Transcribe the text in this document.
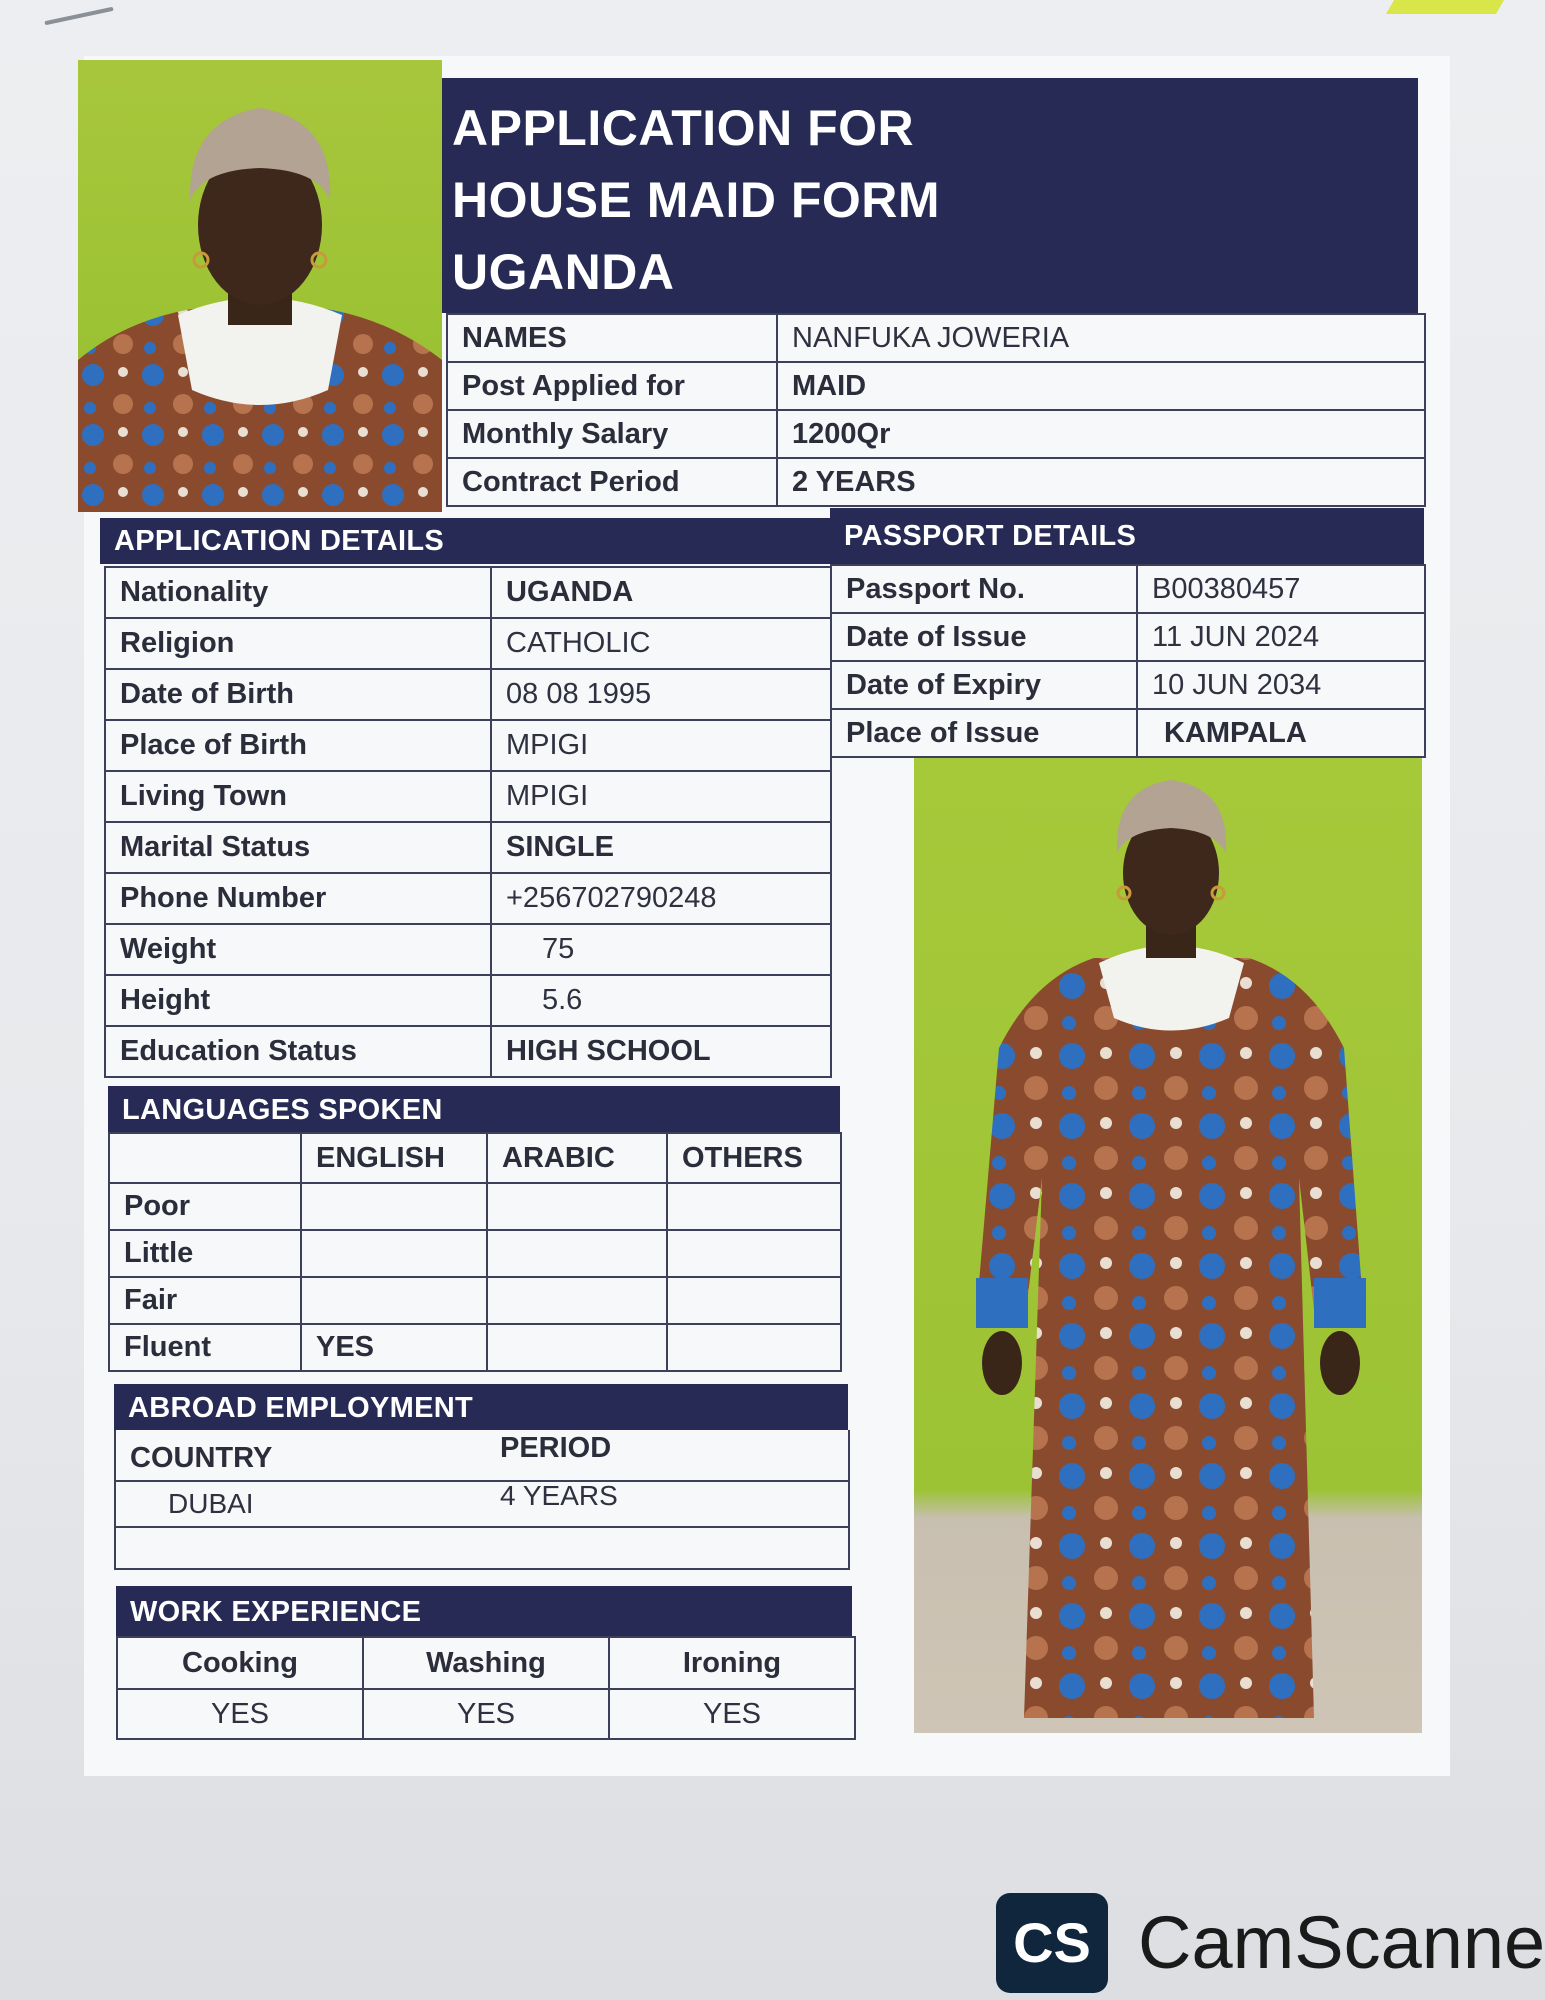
APPLICATION FOR
HOUSE MAID FORM
UGANDA
NAMES	NANFUKA JOWERIA
Post Applied for	MAID
Monthly Salary	1200Qr
Contract Period	2 YEARS
APPLICATION DETAILS	PASSPORT DETAILS
Nationality	UGANDA
Religion	CATHOLIC
Date of Birth	08 08 1995
Place of Birth	MPIGI
Living Town	MPIGI
Marital Status	SINGLE
Phone Number	+256702790248
Weight	75
Height	5.6
Education Status	HIGH SCHOOL
Passport No.	B00380457
Date of Issue	11 JUN 2024
Date of Expiry	10 JUN 2034
Place of Issue	KAMPALA
LANGUAGES SPOKEN
	ENGLISH	ARABIC	OTHERS
Poor			
Little			
Fair			
Fluent	YES		
ABROAD EMPLOYMENT
COUNTRY	PERIOD
DUBAI	4 YEARS
WORK EXPERIENCE
Cooking	Washing	Ironing
YES	YES	YES
CS CamScanne
